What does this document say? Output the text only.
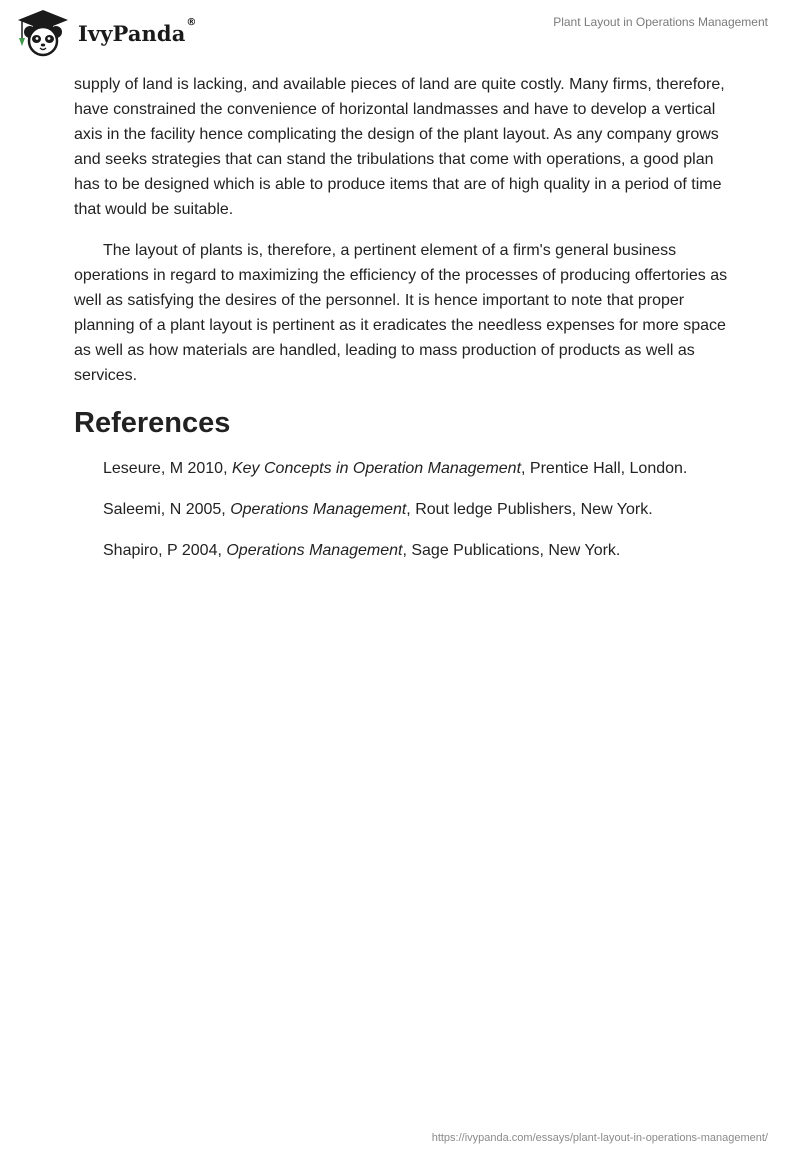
IvyPanda®	Plant Layout in Operations Management

supply of land is lacking, and available pieces of land are quite costly. Many firms, therefore, have constrained the convenience of horizontal landmasses and have to develop a vertical axis in the facility hence complicating the design of the plant layout. As any company grows and seeks strategies that can stand the tribulations that come with operations, a good plan has to be designed which is able to produce items that are of high quality in a period of time that would be suitable.

The layout of plants is, therefore, a pertinent element of a firm's general business operations in regard to maximizing the efficiency of the processes of producing offertories as well as satisfying the desires of the personnel. It is hence important to note that proper planning of a plant layout is pertinent as it eradicates the needless expenses for more space as well as how materials are handled, leading to mass production of products as well as services.

References

Leseure, M 2010, Key Concepts in Operation Management, Prentice Hall, London.

Saleemi, N 2005, Operations Management, Rout ledge Publishers, New York.

Shapiro, P 2004, Operations Management, Sage Publications, New York.

https://ivypanda.com/essays/plant-layout-in-operations-management/
